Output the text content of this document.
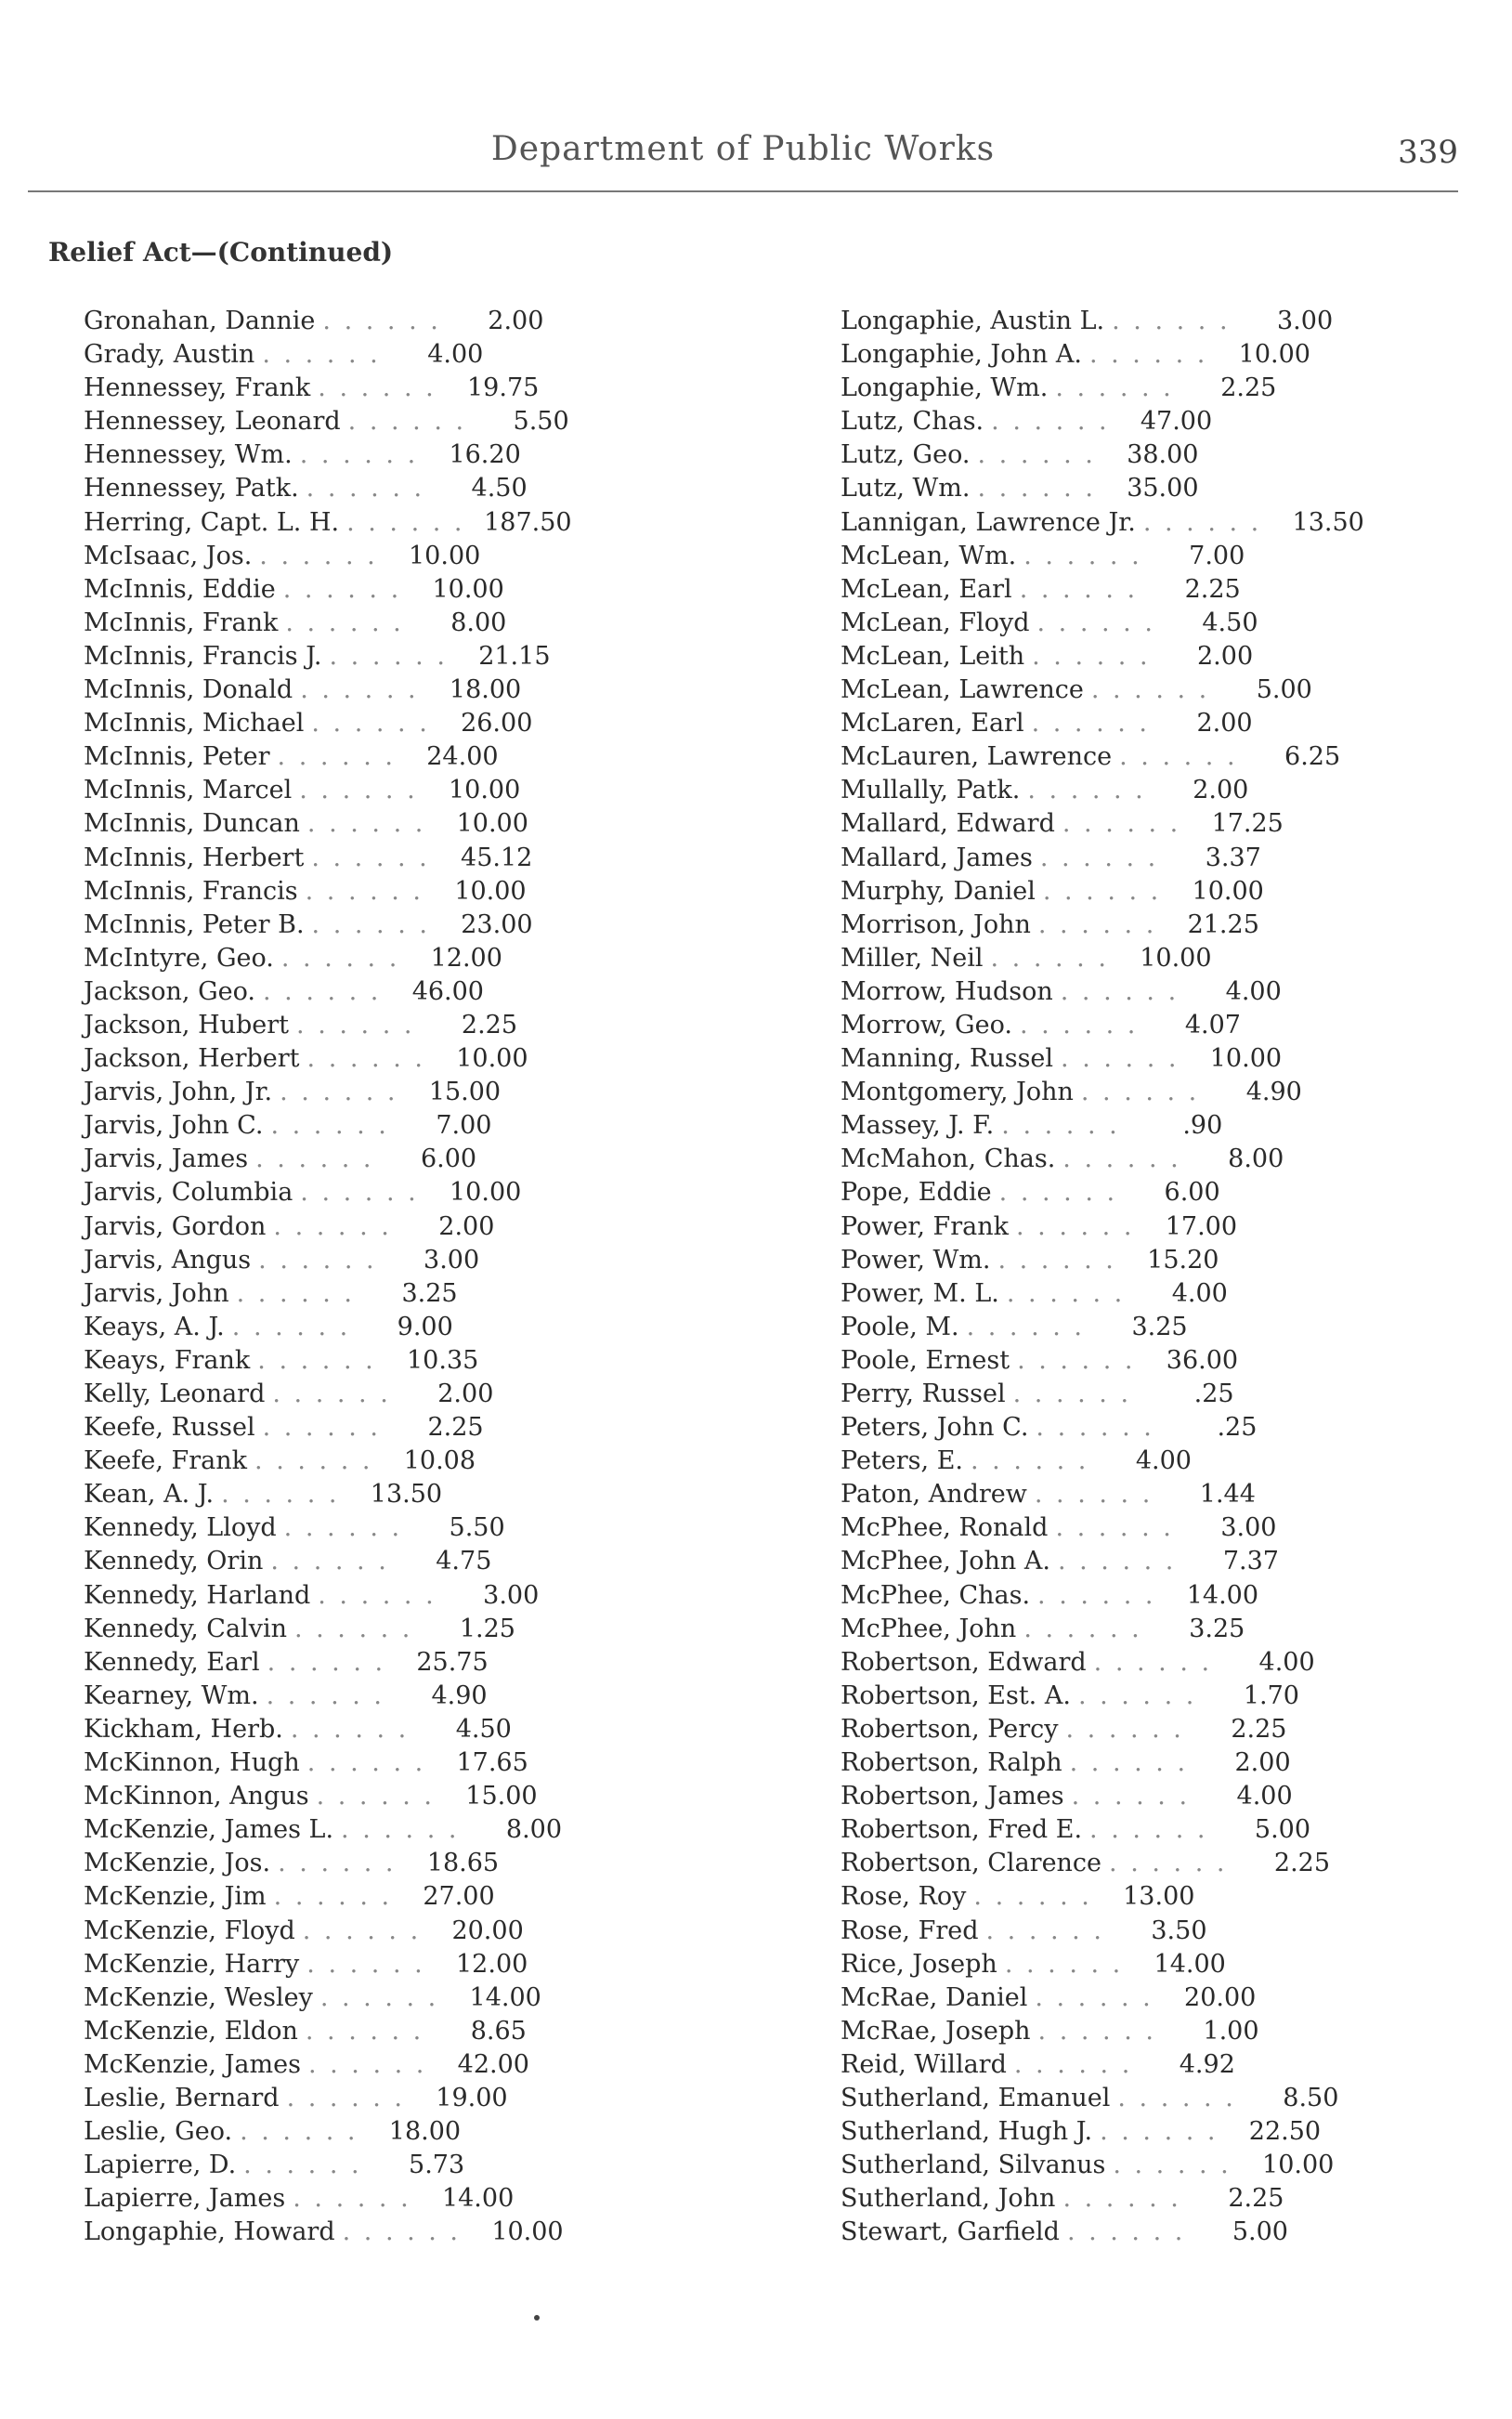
Department of Public Works	339
Relief Act—(Continued)
Gronahan, Dannie . . .	2.00
Grady, Austin . . .	4.00
Hennessey, Frank . . .	19.75
Hennessey, Leonard . . .	5.50
Hennessey, Wm. . . .	16.20
Hennessey, Patk. . . .	4.50
Herring, Capt. L. H. . . .	187.50
McIsaac, Jos. . . .	10.00
McInnis, Eddie . . .	10.00
McInnis, Frank . . .	8.00
McInnis, Francis J. . . .	21.15
McInnis, Donald . . .	18.00
McInnis, Michael . . .	26.00
McInnis, Peter . . .	24.00
McInnis, Marcel . . .	10.00
McInnis, Duncan . . .	10.00
McInnis, Herbert . . .	45.12
McInnis, Francis . . .	10.00
McInnis, Peter B. . . .	23.00
McIntyre, Geo. . . .	12.00
Jackson, Geo. . . .	46.00
Jackson, Hubert . . .	2.25
Jackson, Herbert . . .	10.00
Jarvis, John, Jr. . . .	15.00
Jarvis, John C. . . .	7.00
Jarvis, James . . .	6.00
Jarvis, Columbia . . .	10.00
Jarvis, Gordon . . .	2.00
Jarvis, Angus . . .	3.00
Jarvis, John . . .	3.25
Keays, A. J. . . .	9.00
Keays, Frank . . .	10.35
Kelly, Leonard . . .	2.00
Keefe, Russel . . .	2.25
Keefe, Frank . . .	10.08
Kean, A. J. . . .	13.50
Kennedy, Lloyd . . .	5.50
Kennedy, Orin . . .	4.75
Kennedy, Harland . . .	3.00
Kennedy, Calvin . . .	1.25
Kennedy, Earl . . .	25.75
Kearney, Wm. . . .	4.90
Kickham, Herb. . . .	4.50
McKinnon, Hugh . . .	17.65
McKinnon, Angus . . .	15.00
McKenzie, James L. . . .	8.00
McKenzie, Jos. . . .	18.65
McKenzie, Jim . . .	27.00
McKenzie, Floyd . . .	20.00
McKenzie, Harry . . .	12.00
McKenzie, Wesley . . .	14.00
McKenzie, Eldon . . .	8.65
McKenzie, James . . .	42.00
Leslie, Bernard . . .	19.00
Leslie, Geo. . . .	18.00
Lapierre, D. . . .	5.73
Lapierre, James . . .	14.00
Longaphie, Howard . . .	10.00
Longaphie, Austin L. . . .	3.00
Longaphie, John A. . . .	10.00
Longaphie, Wm. . . .	2.25
Lutz, Chas. . . .	47.00
Lutz, Geo. . . .	38.00
Lutz, Wm. . . .	35.00
Lannigan, Lawrence Jr. . . .	13.50
McLean, Wm. . . .	7.00
McLean, Earl . . .	2.25
McLean, Floyd . . .	4.50
McLean, Leith . . .	2.00
McLean, Lawrence . . .	5.00
McLaren, Earl . . .	2.00
McLauren, Lawrence . . .	6.25
Mullally, Patk. . . .	2.00
Mallard, Edward . . .	17.25
Mallard, James . . .	3.37
Murphy, Daniel . . .	10.00
Morrison, John . . .	21.25
Miller, Neil . . .	10.00
Morrow, Hudson . . .	4.00
Morrow, Geo. . . .	4.07
Manning, Russel . . .	10.00
Montgomery, John . . .	4.90
Massey, J. F. . . .	.90
McMahon, Chas. . . .	8.00
Pope, Eddie . . .	6.00
Power, Frank . . .	17.00
Power, Wm. . . .	15.20
Power, M. L. . . .	4.00
Poole, M. . . .	3.25
Poole, Ernest . . .	36.00
Perry, Russel . . .	.25
Peters, John C. . . .	.25
Peters, E. . . .	4.00
Paton, Andrew . . .	1.44
McPhee, Ronald . . .	3.00
McPhee, John A. . . .	7.37
McPhee, Chas. . . .	14.00
McPhee, John . . .	3.25
Robertson, Edward . . .	4.00
Robertson, Est. A. . . .	1.70
Robertson, Percy . . .	2.25
Robertson, Ralph . . .	2.00
Robertson, James . . .	4.00
Robertson, Fred E. . . .	5.00
Robertson, Clarence . . .	2.25
Rose, Roy . . .	13.00
Rose, Fred . . .	3.50
Rice, Joseph . . .	14.00
McRae, Daniel . . .	20.00
McRae, Joseph . . .	1.00
Reid, Willard . . .	4.92
Sutherland, Emanuel . . .	8.50
Sutherland, Hugh J. . . .	22.50
Sutherland, Silvanus . . .	10.00
Sutherland, John . . .	2.25
Stewart, Garfield . . .	5.00
